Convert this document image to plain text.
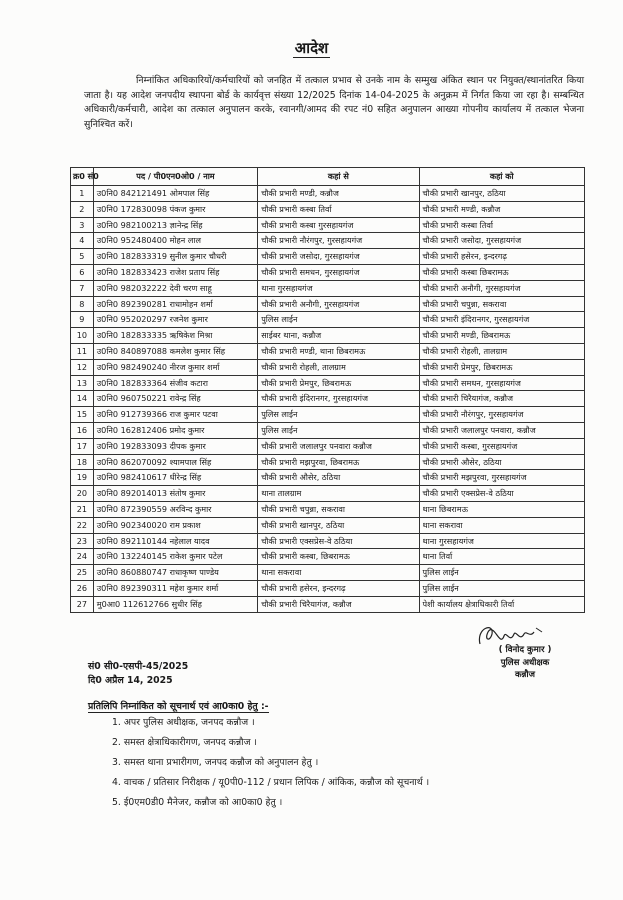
आदेश
निम्नांकित अधिकारियों/कर्मचारियों को जनहित में तत्काल प्रभाव से उनके नाम के सम्मुख अंकित स्थान पर नियुक्त/स्थानांतरित किया जाता है। यह आदेश जनपदीय स्थापना बोर्ड के कार्यवृत्त संख्या 12/2025 दिनांक 14-04-2025 के अनुक्रम में निर्गत किया जा रहा है। सम्बन्धित अधिकारी/कर्मचारी, आदेश का तत्काल अनुपालन करके, रवानगी/आमद की रपट नं0 सहित अनुपालन आख्या गोपनीय कार्यालय में तत्काल भेजना सुनिश्चित करें।
क्र0 सं0	पद / पी0एन0ओ0 / नाम	कहां से	कहां को
1	उ0नि0 842121491 ओमपाल सिंह	चौकी प्रभारी मण्डी, कन्नौज	चौकी प्रभारी खानपुर, ठठिया
2	उ0नि0 172830098 पंकज कुमार	चौकी प्रभारी कस्बा तिर्वा	चौकी प्रभारी मण्डी, कन्नौज
3	उ0नि0 982100213 ज्ञानेन्द्र सिंह	चौकी प्रभारी कस्बा गुरसहायगंज	चौकी प्रभारी कस्बा तिर्वा
4	उ0नि0 952480400 मोहन लाल	चौकी प्रभारी नौरंगपुर, गुरसहायगंज	चौकी प्रभारी जसोदा, गुरसहायगंज
5	उ0नि0 182833319 सुनील कुमार चौधरी	चौकी प्रभारी जसोदा, गुरसहायगंज	चौकी प्रभारी हसेरन, इन्दरगढ़
6	उ0नि0 182833423 राजेश प्रताप सिंह	चौकी प्रभारी समधन, गुरसहायगंज	चौकी प्रभारी कस्बा छिबरामऊ
7	उ0नि0 982032222 देवी चरण साहू	थाना गुरसहायगंज	चौकी प्रभारी अनौगी, गुरसहायगंज
8	उ0नि0 892390281 राधामोहन शर्मा	चौकी प्रभारी अनौगी, गुरसहायगंज	चौकी प्रभारी चपुन्ना, सकरावा
9	उ0नि0 952020297 रजनेश कुमार	पुलिस लाईन	चौकी प्रभारी इंदिरानगर, गुरसहायगंज
10	उ0नि0 182833335 ऋषिकेश मिश्रा	साईबर थाना, कन्नौज	चौकी प्रभारी मण्डी, छिबरामऊ
11	उ0नि0 840897088 कमलेश कुमार सिंह	चौकी प्रभारी मण्डी, थाना छिबरामऊ	चौकी प्रभारी रोहली, तालग्राम
12	उ0नि0 982490240 नीरज कुमार शर्मा	चौकी प्रभारी रोहली, तालग्राम	चौकी प्रभारी प्रेमपुर, छिबरामऊ
13	उ0नि0 182833364 संजीव कटारा	चौकी प्रभारी प्रेमपुर, छिबरामऊ	चौकी प्रभारी समधन, गुरसहायगंज
14	उ0नि0 960750221 रावेन्द्र सिंह	चौकी प्रभारी इंदिरानगर, गुरसहायगंज	चौकी प्रभारी चिरैयागंज, कन्नौज
15	उ0नि0 912739366 राज कुमार पटवा	पुलिस लाईन	चौकी प्रभारी नौरंगपुर, गुरसहायगंज
16	उ0नि0 162812406 प्रमोद कुमार	पुलिस लाईन	चौकी प्रभारी जलालपुर पनवारा, कन्नौज
17	उ0नि0 192833093 दीपक कुमार	चौकी प्रभारी जलालपुर पनवारा कन्नौज	चौकी प्रभारी कस्बा, गुरसहायगंज
18	उ0नि0 862070092 श्यामपाल सिंह	चौकी प्रभारी मझपुरवा, छिबरामऊ	चौकी प्रभारी औसेर, ठठिया
19	उ0नि0 982410617 धीरेन्द्र सिंह	चौकी प्रभारी औसेर, ठठिया	चौकी प्रभारी मझपुरवा, गुरसहायगंज
20	उ0नि0 892014013 संतोष कुमार	थाना तालग्राम	चौकी प्रभारी एक्सप्रेस-वे ठठिया
21	उ0नि0 872390559 अरविन्द कुमार	चौकी प्रभारी चपुन्ना, सकरावा	थाना छिबरामऊ
22	उ0नि0 902340020 राम प्रकाश	चौकी प्रभारी खानपुर, ठठिया	थाना सकरावा
23	उ0नि0 892110144 नहेलाल यादव	चौकी प्रभारी एक्सप्रेस-वे ठठिया	थाना गुरसहायगंज
24	उ0नि0 132240145 राकेश कुमार पटेल	चौकी प्रभारी कस्बा, छिबरामऊ	थाना तिर्वा
25	उ0नि0 860880747 राधाकृष्ण पाण्डेय	थाना सकरावा	पुलिस लाईन
26	उ0नि0 892390311 महेश कुमार शर्मा	चौकी प्रभारी हसेरन, इन्दरगढ़	पुलिस लाईन
27	मु0आ0 112612766 सुधीर सिंह	चौकी प्रभारी चिरैयागंज, कन्नौज	पेशी कार्यालय क्षेत्राधिकारी तिर्वा
( विनोद कुमार )
पुलिस अधीक्षक
कन्नौज
सं0 सी0-एसपी-45/2025
दि0 अप्रैल 14, 2025
प्रतिलिपि निम्नांकित को सूचनार्थ एवं आ0का0 हेतु :-
1. अपर पुलिस अधीक्षक, जनपद कन्नौज ।
2. समस्त क्षेत्राधिकारीगण, जनपद कन्नौज ।
3. समस्त थाना प्रभारीगण, जनपद कन्नौज को अनुपालन हेतु ।
4. वाचक / प्रतिसार निरीक्षक / यू0पी0-112 / प्रधान लिपिक / आंकिक, कन्नौज को सूचनार्थ ।
5. ई0एम0डी0 मैनेजर, कन्नौज को आ0का0 हेतु ।
